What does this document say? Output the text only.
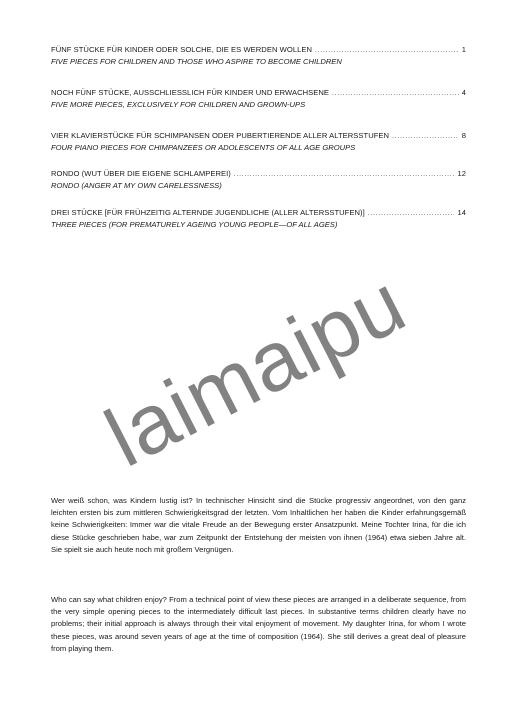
FÜNF STÜCKE FÜR KINDER ODER SOLCHE, DIE ES WERDEN WOLLEN .....	1
FIVE PIECES FOR CHILDREN AND THOSE WHO ASPIRE TO BECOME CHILDREN
NOCH FÜNF STÜCKE, AUSSCHLIESSLICH FÜR KINDER UND ERWACHSENE .....	4
FIVE MORE PIECES, EXCLUSIVELY FOR CHILDREN AND GROWN-UPS
VIER KLAVIERSTÜCKE FÜR SCHIMPANSEN ODER PUBERTIERENDE ALLER ALTERSSTUFEN .....	8
FOUR PIANO PIECES FOR CHIMPANZEES OR ADOLESCENTS OF ALL AGE GROUPS
RONDO (WUT ÜBER DIE EIGENE SCHLAMPEREI) .....	12
RONDO (ANGER AT MY OWN CARELESSNESS)
DREI STÜCKE [FÜR FRÜHZEITIG ALTERNDE JUGENDLICHE (ALLER ALTERSSTUFEN)] .....	14
THREE PIECES (FOR PREMATURELY AGEING YOUNG PEOPLE—OF ALL AGES)
laimaipu

Wer weiß schon, was Kindern lustig ist? In technischer Hinsicht sind die Stücke progressiv angeordnet, von den ganz leichten ersten bis zum mittleren Schwierigkeitsgrad der letzten. Vom Inhaltlichen her haben die Kinder erfahrungsgemäß keine Schwierigkeiten: Immer war die vitale Freude an der Bewegung erster Ansatzpunkt. Meine Tochter Irina, für die ich diese Stücke geschrieben habe, war zum Zeitpunkt der Entstehung der meisten von ihnen (1964) etwa sieben Jahre alt. Sie spielt sie auch heute noch mit großem Vergnügen.

Who can say what children enjoy? From a technical point of view these pieces are arranged in a deliberate sequence, from the very simple opening pieces to the intermediately difficult last pieces. In substantive terms children clearly have no problems; their initial approach is always through their vital enjoyment of movement. My daughter Irina, for whom I wrote these pieces, was around seven years of age at the time of composition (1964). She still derives a great deal of pleasure from playing them.
